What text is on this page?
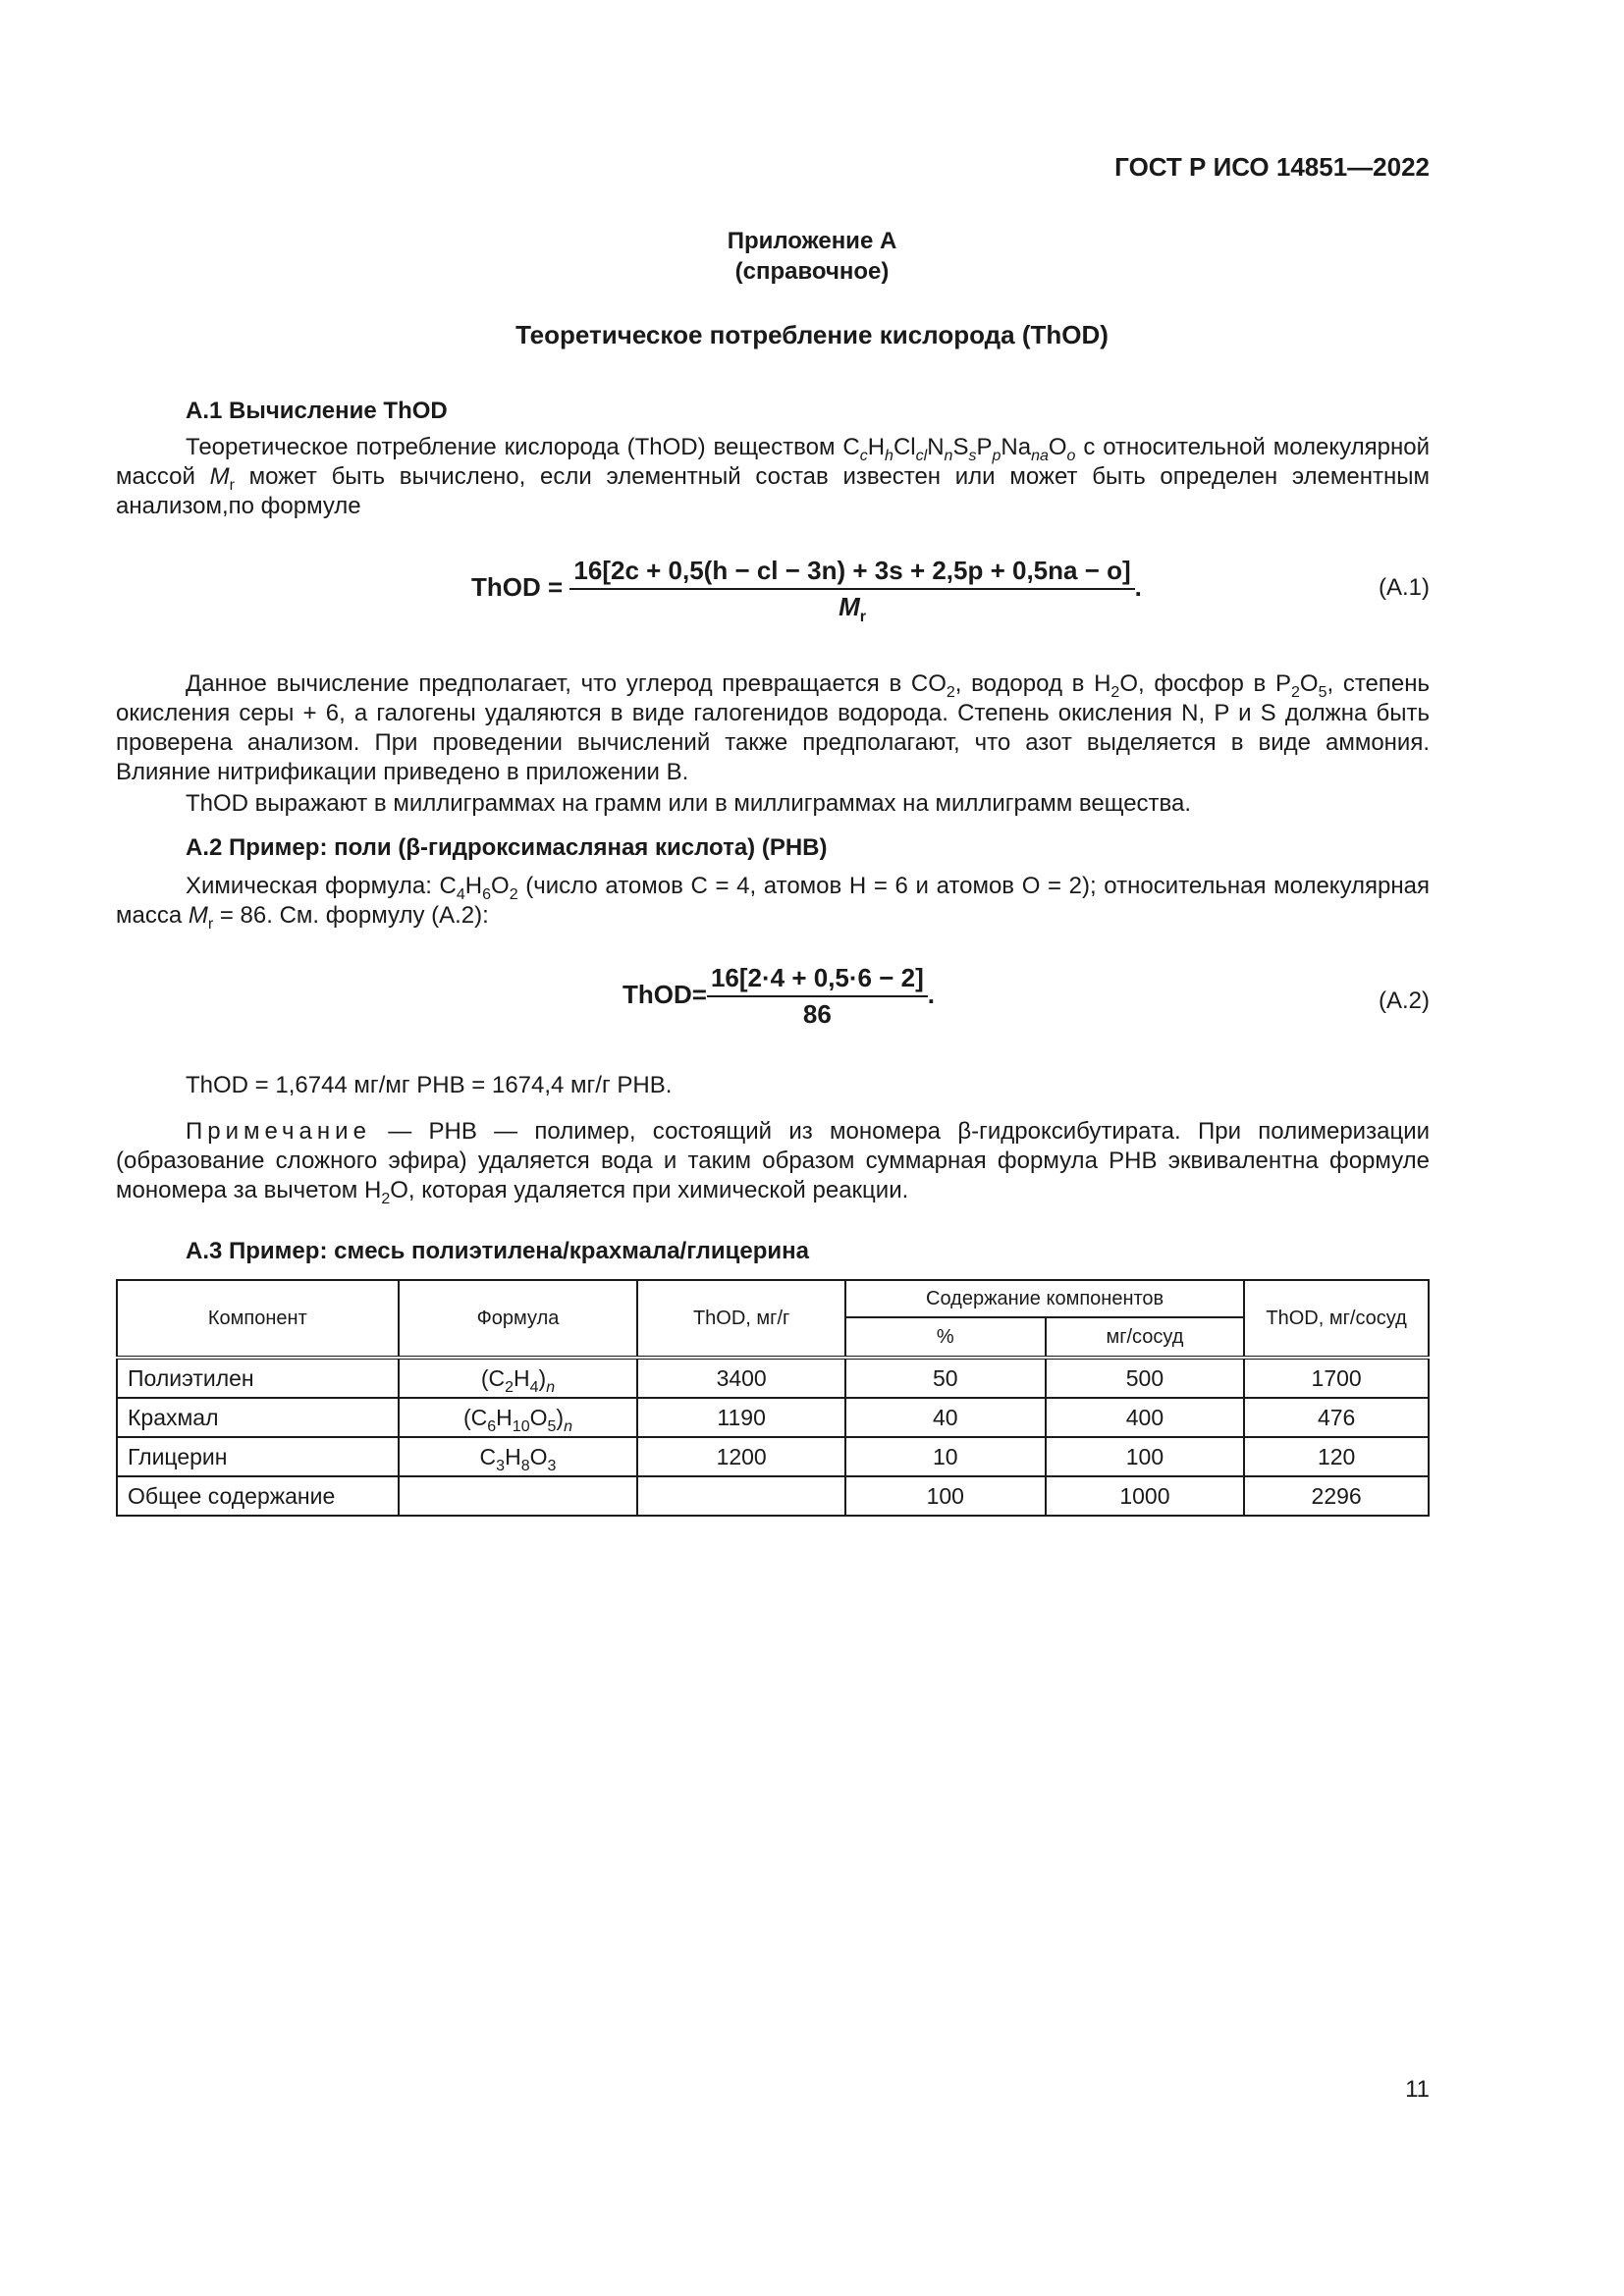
ГОСТ Р ИСО 14851—2022
Приложение А
(справочное)
Теоретическое потребление кислорода (ThOD)
А.1 Вычисление ThOD
Теоретическое потребление кислорода (ThOD) веществом $C_cH_hCl_{cl}N_nS_sP_pNa_{na}O_o$ с относительной молекулярной массой $M_r$ может быть вычислено, если элементный состав известен или может быть определен элементным анализом,по формуле
ThOD = $\frac{16[2c + 0,5(h - cl - 3n) + 3s + 2,5p + 0,5na - o]}{M_r}$ .	(А.1)
Данное вычисление предполагает, что углерод превращается в $CO_2$, водород в $H_2O$, фосфор в $P_2O_5$, степень окисления серы + 6, а галогены удаляются в виде галогенидов водорода. Степень окисления N, P и S должна быть проверена анализом. При проведении вычислений также предполагают, что азот выделяется в виде аммония. Влияние нитрификации приведено в приложении В.
ThOD выражают в миллиграммах на грамм или в миллиграммах на миллиграмм вещества.
А.2 Пример: поли (β-гидроксимасляная кислота) (PHB)
Химическая формула: $C_4H_6O_2$ (число атомов C = 4, атомов H = 6 и атомов O = 2); относительная молекулярная масса $M_r = 86$. См. формулу (А.2):
ThOD= $\frac{16[2\cdot 4 + 0,5\cdot 6 - 2]}{86}$ .	(А.2)
ThOD = 1,6744 мг/мг PHB = 1674,4 мг/г PHB.
Примечание — PHB — полимер, состоящий из мономера β-гидроксибутирата. При полимеризации (образование сложного эфира) удаляется вода и таким образом суммарная формула PHB эквивалентна формуле мономера за вычетом $H_2O$, которая удаляется при химической реакции.
А.3 Пример: смесь полиэтилена/крахмала/глицерина
Компонент	Формула	ThOD, мг/г	Содержание компонентов		ThOD, мг/сосуд
			%	мг/сосуд	
Полиэтилен	$(C_2H_4)_n$	3400	50	500	1700
Крахмал	$(C_6H_{10}O_5)_n$	1190	40	400	476
Глицерин	$C_3H_8O_3$	1200	10	100	120
Общее содержание			100	1000	2296
11
